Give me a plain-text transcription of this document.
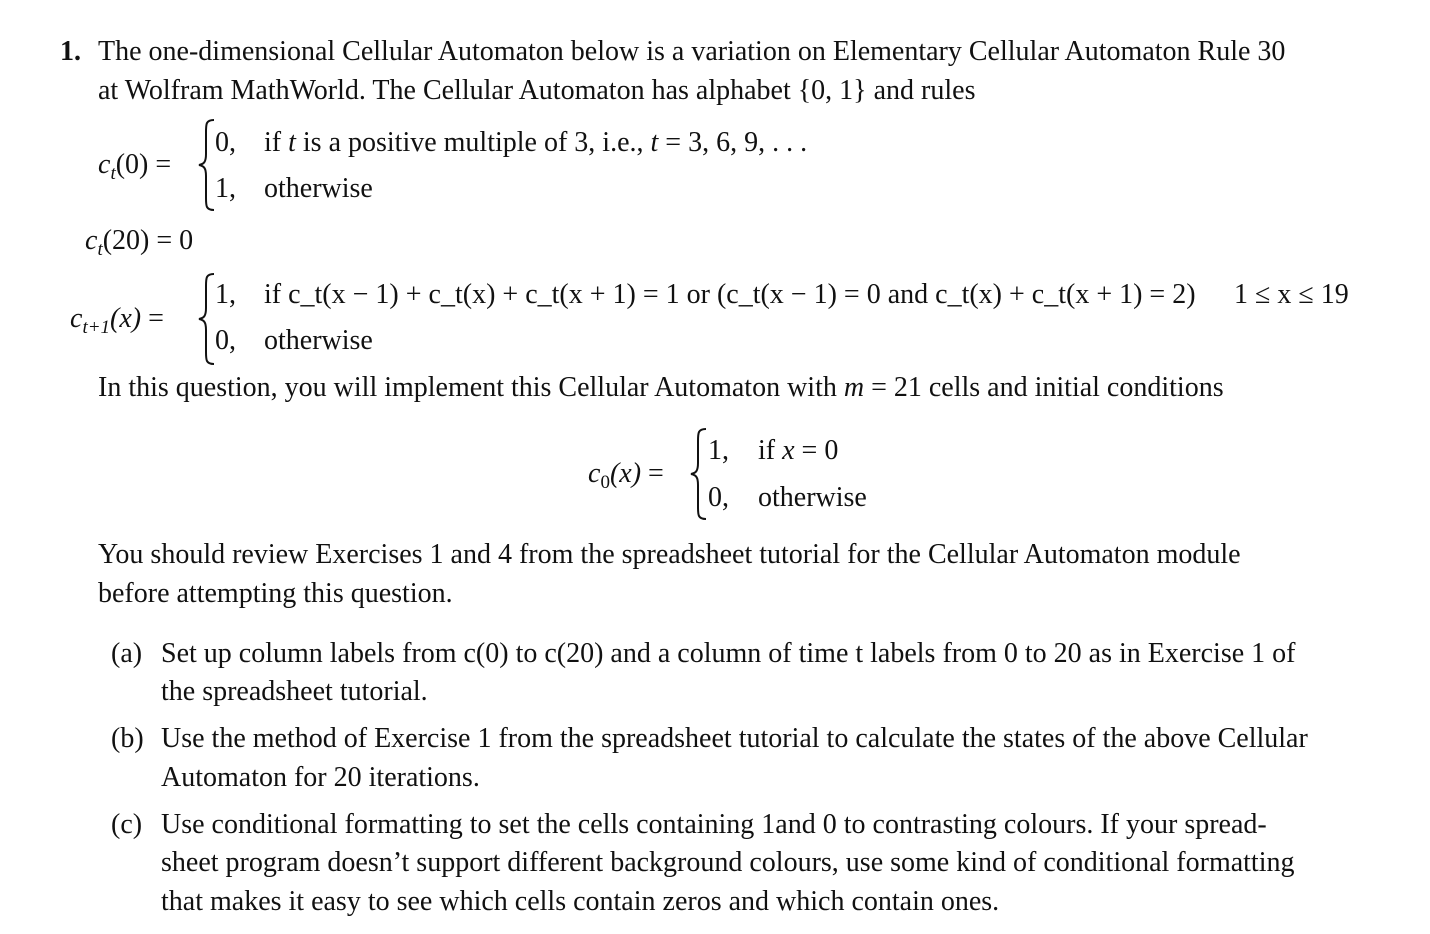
1. The one-dimensional Cellular Automaton below is a variation on Elementary Cellular Automaton Rule 30
at Wolfram MathWorld. The Cellular Automaton has alphabet {0, 1} and rules
$c_t(0)$ =
0, if t is a positive multiple of 3, i.e., t = 3, 6, 9, . . .
1, otherwise
$c_t(20) = 0$
$c_{t+1}(x)$ =
1, if c_t(x − 1) + c_t(x) + c_t(x + 1) = 1 or (c_t(x − 1) = 0 and c_t(x) + c_t(x + 1) = 2) 1 ≤ x ≤ 19
0, otherwise
In this question, you will implement this Cellular Automaton with m = 21 cells and initial conditions
$c_0(x)$ =
1, if x = 0
0, otherwise
You should review Exercises 1 and 4 from the spreadsheet tutorial for the Cellular Automaton module
before attempting this question.
(a) Set up column labels from c(0) to c(20) and a column of time t labels from 0 to 20 as in Exercise 1 of
the spreadsheet tutorial.
(b) Use the method of Exercise 1 from the spreadsheet tutorial to calculate the states of the above Cellular
Automaton for 20 iterations.
(c) Use conditional formatting to set the cells containing 1and 0 to contrasting colours. If your spread-
sheet program doesn’t support different background colours, use some kind of conditional formatting
that makes it easy to see which cells contain zeros and which contain ones.
